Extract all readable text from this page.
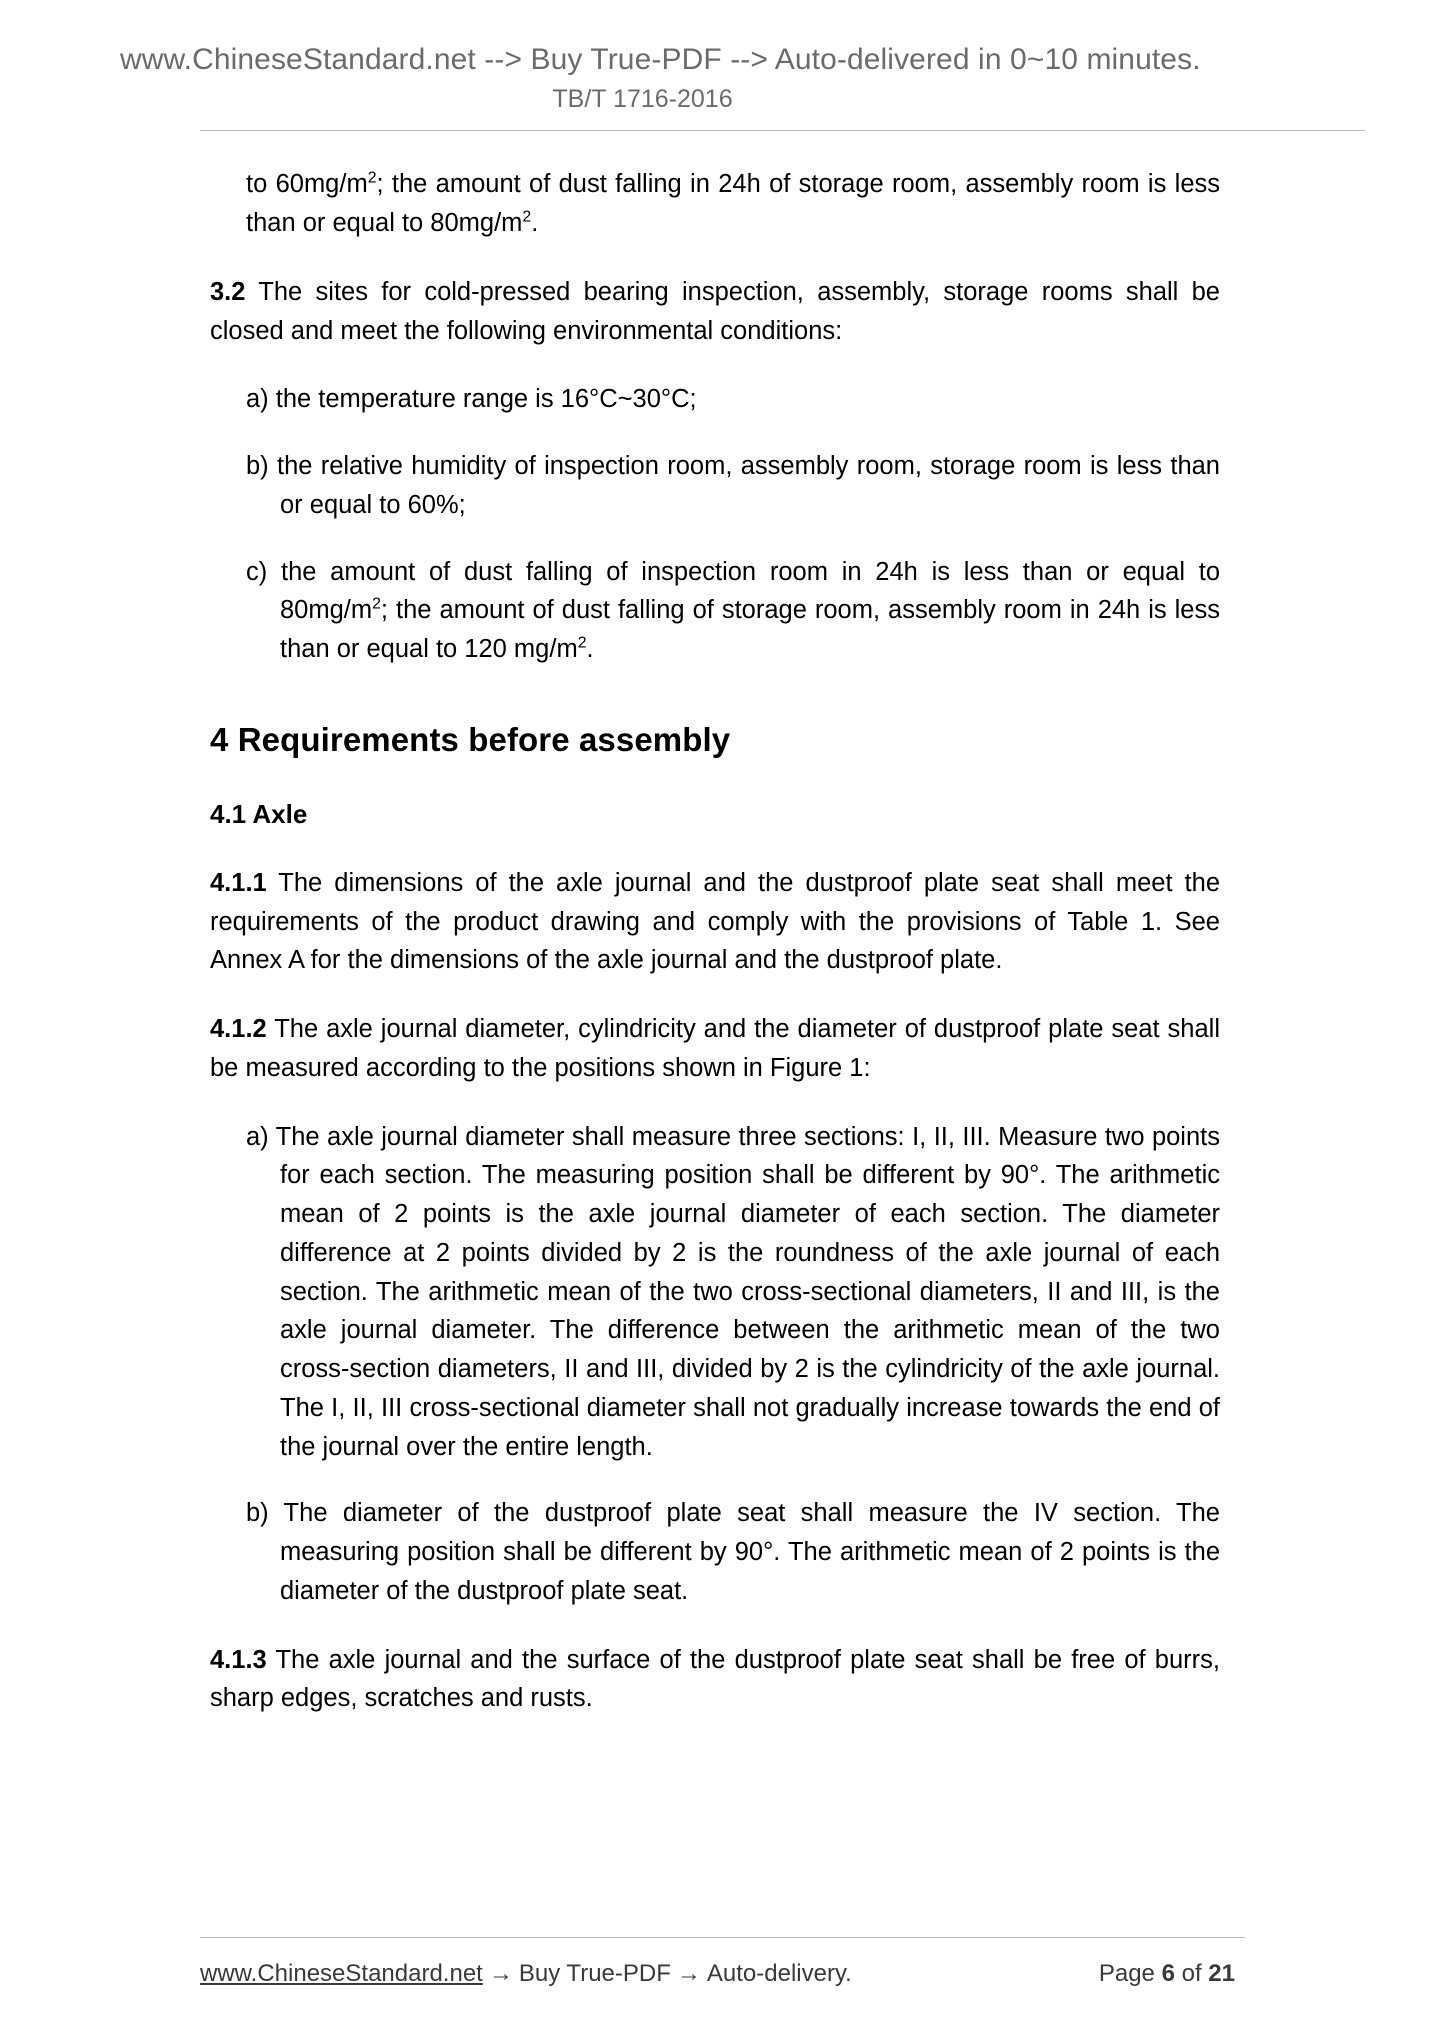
www.ChineseStandard.net --> Buy True-PDF --> Auto-delivered in 0~10 minutes.
TB/T 1716-2016

to $60mg/m^2$; the amount of dust falling in 24h of storage room, assembly room is less than or equal to $80mg/m^2$.

3.2 The sites for cold-pressed bearing inspection, assembly, storage rooms shall be closed and meet the following environmental conditions:

a) the temperature range is 16°C~30°C;
b) the relative humidity of inspection room, assembly room, storage room is less than or equal to 60%;
c) the amount of dust falling of inspection room in 24h is less than or equal to $80mg/m^2$; the amount of dust falling of storage room, assembly room in 24h is less than or equal to 120 $mg/m^2$.
4 Requirements before assembly
4.1 Axle

4.1.1 The dimensions of the axle journal and the dustproof plate seat shall meet the requirements of the product drawing and comply with the provisions of Table 1. See Annex A for the dimensions of the axle journal and the dustproof plate.

4.1.2 The axle journal diameter, cylindricity and the diameter of dustproof plate seat shall be measured according to the positions shown in Figure 1:

a) The axle journal diameter shall measure three sections: I, II, III. Measure two points for each section. The measuring position shall be different by 90°. The arithmetic mean of 2 points is the axle journal diameter of each section. The diameter difference at 2 points divided by 2 is the roundness of the axle journal of each section. The arithmetic mean of the two cross-sectional diameters, II and III, is the axle journal diameter. The difference between the arithmetic mean of the two cross-section diameters, II and III, divided by 2 is the cylindricity of the axle journal. The I, II, III cross-sectional diameter shall not gradually increase towards the end of the journal over the entire length.
b) The diameter of the dustproof plate seat shall measure the IV section. The measuring position shall be different by 90°. The arithmetic mean of 2 points is the diameter of the dustproof plate seat.

4.1.3 The axle journal and the surface of the dustproof plate seat shall be free of burrs, sharp edges, scratches and rusts.

www.ChineseStandard.net → Buy True-PDF → Auto-delivery.	Page 6 of 21
